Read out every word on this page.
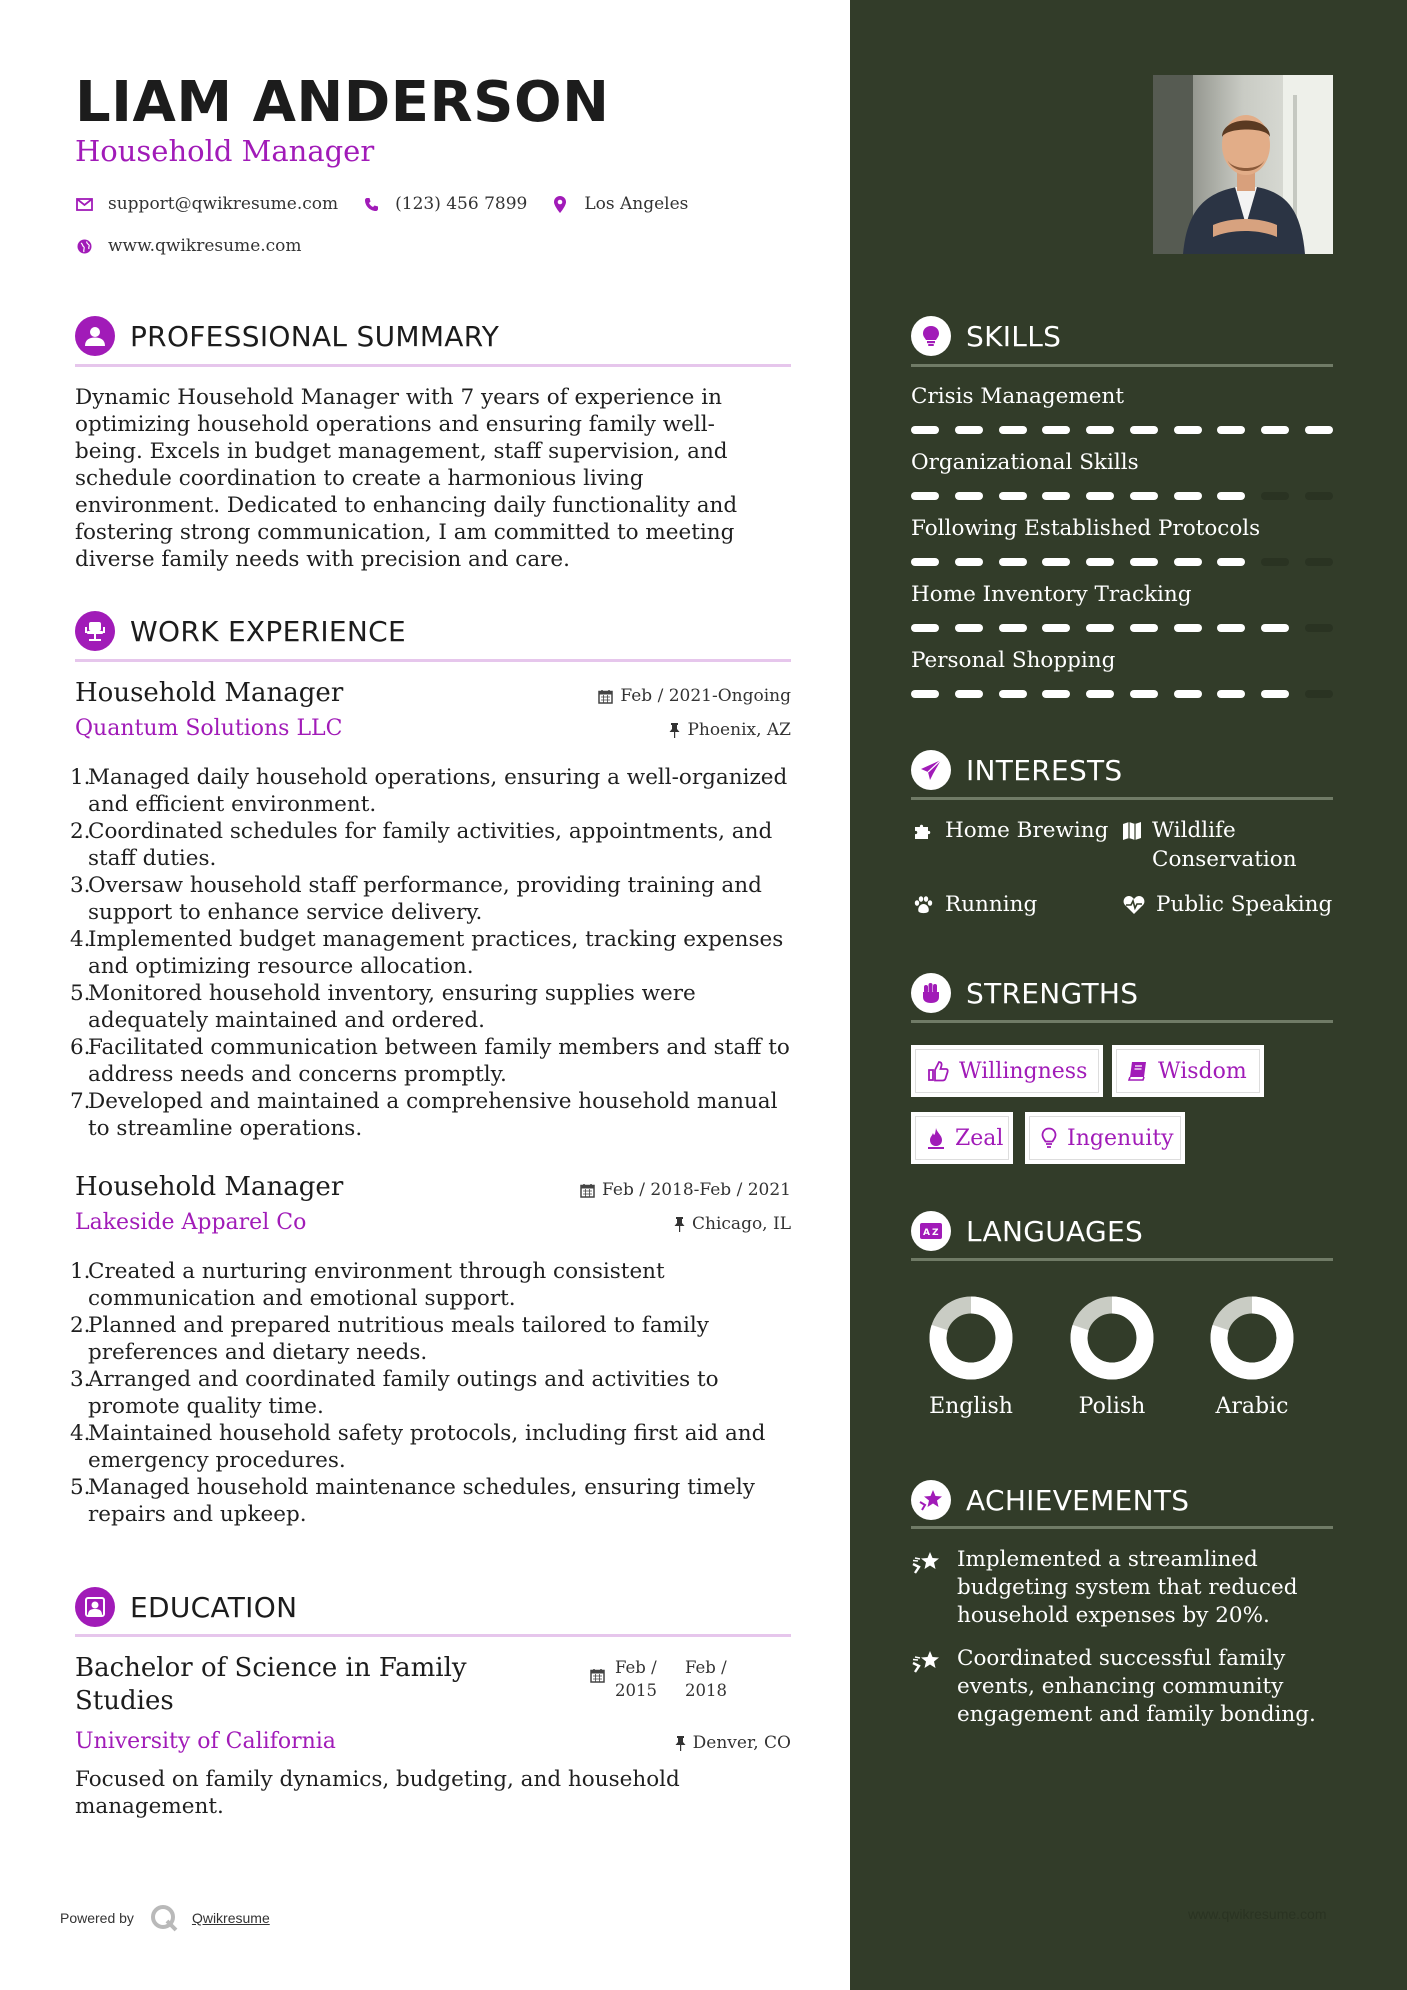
LIAM ANDERSON
Household Manager
support@qwikresume.com	(123) 456 7899	Los Angeles
www.qwikresume.com
PROFESSIONAL SUMMARY
Dynamic Household Manager with 7 years of experience in optimizing household operations and ensuring family well-being. Excels in budget management, staff supervision, and schedule coordination to create a harmonious living environment. Dedicated to enhancing daily functionality and fostering strong communication, I am committed to meeting diverse family needs with precision and care.
WORK EXPERIENCE
Household Manager	Feb / 2021-Ongoing
Quantum Solutions LLC	Phoenix, AZ
1.
Managed daily household operations, ensuring a well-organized and efficient environment.
2.
Coordinated schedules for family activities, appointments, and staff duties.
3.
Oversaw household staff performance, providing training and support to enhance service delivery.
4.
Implemented budget management practices, tracking expenses and optimizing resource allocation.
5.
Monitored household inventory, ensuring supplies were adequately maintained and ordered.
6.
Facilitated communication between family members and staff to address needs and concerns promptly.
7.
Developed and maintained a comprehensive household manual to streamline operations.
Household Manager	Feb / 2018-Feb / 2021
Lakeside Apparel Co	Chicago, IL
1.
Created a nurturing environment through consistent communication and emotional support.
2.
Planned and prepared nutritious meals tailored to family preferences and dietary needs.
3.
Arranged and coordinated family outings and activities to promote quality time.
4.
Maintained household safety protocols, including first aid and emergency procedures.
5.
Managed household maintenance schedules, ensuring timely repairs and upkeep.
EDUCATION
Bachelor of Science in Family Studies
Feb /
2015
Feb /
2018
University of California	Denver, CO
Focused on family dynamics, budgeting, and household management.
Powered by	Qwikresume
SKILLS
Crisis Management
Organizational Skills
Following Established Protocols
Home Inventory Tracking
Personal Shopping
INTERESTS
Home Brewing Wildlife Conservation
Running	Public Speaking
STRENGTHS
Willingness	Wisdom
Zeal	Ingenuity
A Z LANGUAGES
English	Polish	Arabic
ACHIEVEMENTS
Implemented a streamlined budgeting system that reduced household expenses by 20%.
Coordinated successful family events, enhancing community engagement and family bonding.
www.qwikresume.com
